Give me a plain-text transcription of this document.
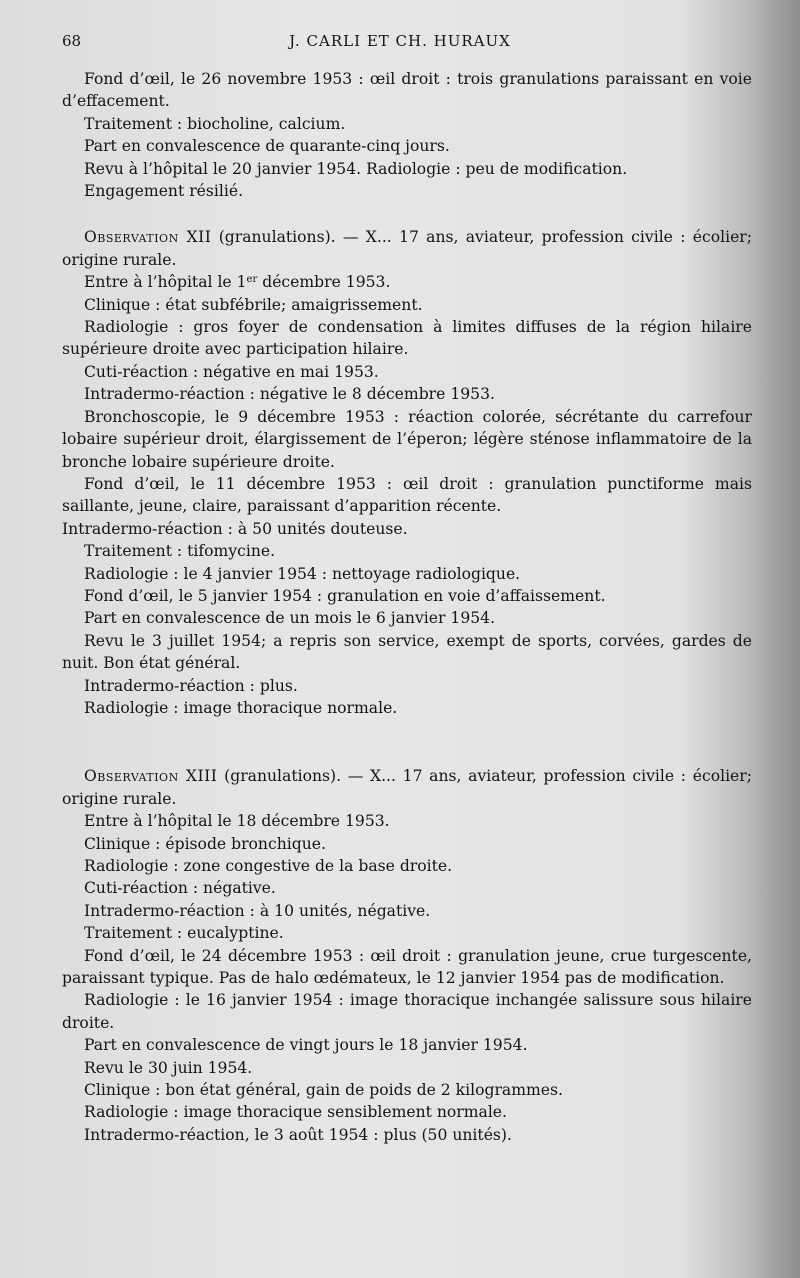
68	J. CARLI ET CH. HURAUX

Fond d’œil, le 26 novembre 1953 : œil droit : trois granulations paraissant en voie d’effacement.

Traitement : biocholine, calcium.

Part en convalescence de quarante-cinq jours.

Revu à l’hôpital le 20 janvier 1954. Radiologie : peu de modification.

Engagement résilié.

Observation XII (granulations). — X... 17 ans, aviateur, profession civile : écolier; origine rurale.

Entre à l’hôpital le 1er décembre 1953.

Clinique : état subfébrile; amaigrissement.

Radiologie : gros foyer de condensation à limites diffuses de la région hilaire supérieure droite avec participation hilaire.

Cuti-réaction : négative en mai 1953.

Intradermo-réaction : négative le 8 décembre 1953.

Bronchoscopie, le 9 décembre 1953 : réaction colorée, sécrétante du carrefour lobaire supérieur droit, élargissement de l’éperon; légère sténose inflammatoire de la bronche lobaire supérieure droite.

Fond d’œil, le 11 décembre 1953 : œil droit : granulation punctiforme mais saillante, jeune, claire, paraissant d’apparition récente.

Intradermo-réaction : à 50 unités douteuse.

Traitement : tifomycine.

Radiologie : le 4 janvier 1954 : nettoyage radiologique.

Fond d’œil, le 5 janvier 1954 : granulation en voie d’affaissement.

Part en convalescence de un mois le 6 janvier 1954.

Revu le 3 juillet 1954; a repris son service, exempt de sports, corvées, gardes de nuit. Bon état général.

Intradermo-réaction : plus.

Radiologie : image thoracique normale.

Observation XIII (granulations). — X... 17 ans, aviateur, profession civile : écolier; origine rurale.

Entre à l’hôpital le 18 décembre 1953.

Clinique : épisode bronchique.

Radiologie : zone congestive de la base droite.

Cuti-réaction : négative.

Intradermo-réaction : à 10 unités, négative.

Traitement : eucalyptine.

Fond d’œil, le 24 décembre 1953 : œil droit : granulation jeune, crue turgescente, paraissant typique. Pas de halo œdémateux, le 12 janvier 1954 pas de modification.

Radiologie : le 16 janvier 1954 : image thoracique inchangée salissure sous hilaire droite.

Part en convalescence de vingt jours le 18 janvier 1954.

Revu le 30 juin 1954.

Clinique : bon état général, gain de poids de 2 kilogrammes.

Radiologie : image thoracique sensiblement normale.

Intradermo-réaction, le 3 août 1954 : plus (50 unités).
